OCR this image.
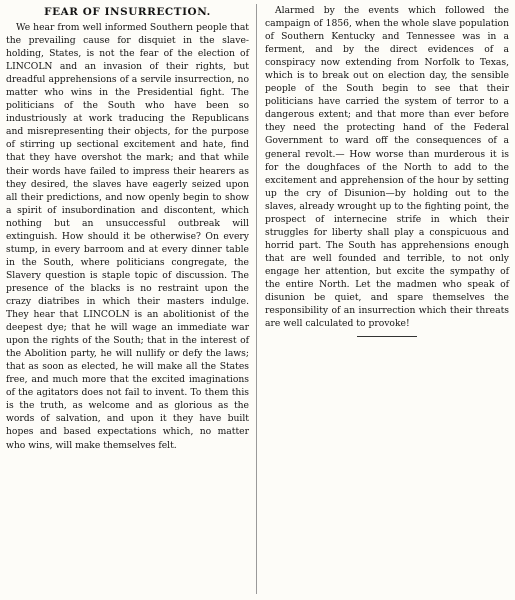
FEAR OF INSURRECTION.

We hear from well informed Southern people that the prevailing cause for disquiet in the slave-holding, States, is not the fear of the election of LINCOLN and an invasion of their rights, but dreadful apprehensions of a servile insurrection, no matter who wins in the Presidential fight. The politicians of the South who have been so industriously at work traducing the Republicans and misrepresenting their objects, for the purpose of stirring up sectional excitement and hate, find that they have overshot the mark; and that while their words have failed to impress their hearers as they desired, the slaves have eagerly seized upon all their predictions, and now openly begin to show a spirit of insubordination and discontent, which nothing but an unsuccessful outbreak will extinguish. How should it be otherwise? On every stump, in every barroom and at every dinner table in the South, where politicians congregate, the Slavery question is staple topic of discussion. The presence of the blacks is no restraint upon the crazy diatribes in which their masters indulge. They hear that LINCOLN is an abolitionist of the deepest dye; that he will wage an immediate war upon the rights of the South; that in the interest of the Abolition party, he will nullify or defy the laws; that as soon as elected, he will make all the States free, and much more that the excited imaginations of the agitators does not fail to invent. To them this is the truth, as welcome and as glorious as the words of salvation, and upon it they have built hopes and based expectations which, no matter who wins, will make themselves felt.

Alarmed by the events which followed the campaign of 1856, when the whole slave population of Southern Kentucky and Tennessee was in a ferment, and by the direct evidences of a conspiracy now extending from Norfolk to Texas, which is to break out on election day, the sensible people of the South begin to see that their politicians have carried the system of terror to a dangerous extent; and that more than ever before they need the protecting hand of the Federal Government to ward off the consequences of a general revolt.— How worse than murderous it is for the doughfaces of the North to add to the excitement and apprehension of the hour by setting up the cry of Disunion—by holding out to the slaves, already wrought up to the fighting point, the prospect of internecine strife in which their struggles for liberty shall play a conspicuous and horrid part. The South has apprehensions enough that are well founded and terrible, to not only engage her attention, but excite the sympathy of the entire North. Let the madmen who speak of disunion be quiet, and spare themselves the responsibility of an insurrection which their threats are well calculated to provoke!
